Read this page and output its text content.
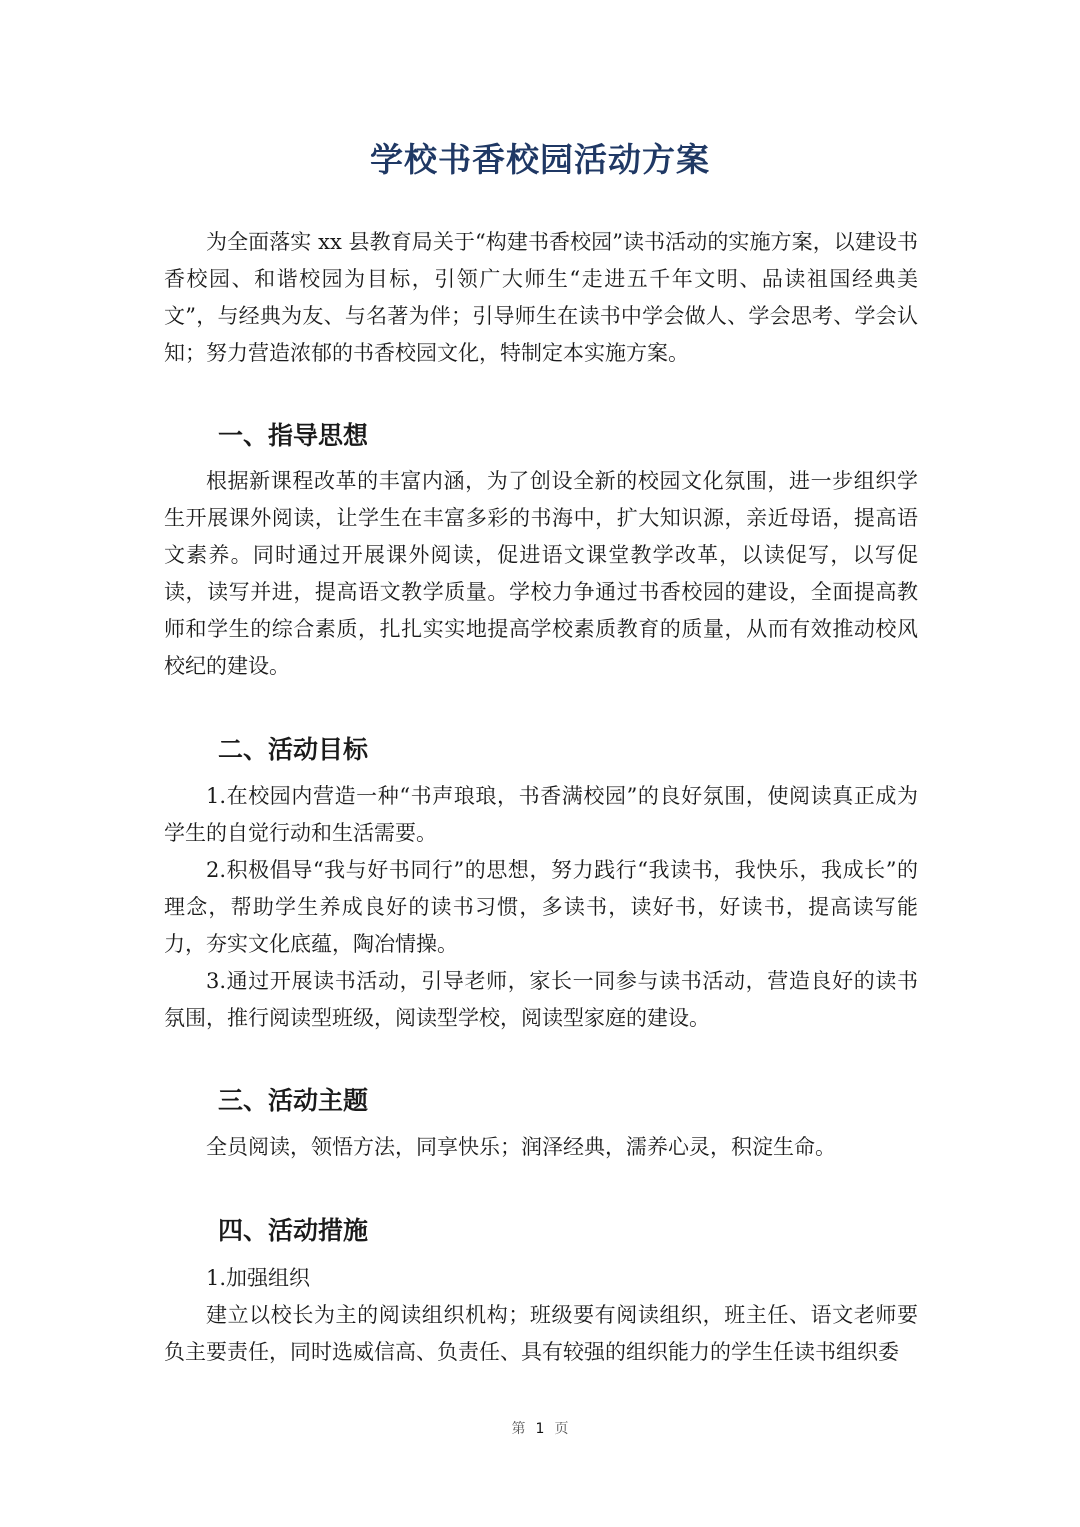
学校书香校园活动方案

为全面落实 xx 县教育局关于“构建书香校园”读书活动的实施方案，以建设书香校园、和谐校园为目标，引领广大师生“走进五千年文明、品读祖国经典美文”，与经典为友、与名著为伴；引导师生在读书中学会做人、学会思考、学会认知；努力营造浓郁的书香校园文化，特制定本实施方案。

一、指导思想

根据新课程改革的丰富内涵，为了创设全新的校园文化氛围，进一步组织学生开展课外阅读，让学生在丰富多彩的书海中，扩大知识源，亲近母语，提高语文素养。同时通过开展课外阅读，促进语文课堂教学改革，以读促写，以写促读，读写并进，提高语文教学质量。学校力争通过书香校园的建设，全面提高教师和学生的综合素质，扎扎实实地提高学校素质教育的质量，从而有效推动校风校纪的建设。

二、活动目标

1.在校园内营造一种“书声琅琅，书香满校园”的良好氛围，使阅读真正成为学生的自觉行动和生活需要。

2.积极倡导“我与好书同行”的思想，努力践行“我读书，我快乐，我成长”的理念，帮助学生养成良好的读书习惯，多读书，读好书，好读书，提高读写能力，夯实文化底蕴，陶冶情操。

3.通过开展读书活动，引导老师，家长一同参与读书活动，营造良好的读书氛围，推行阅读型班级，阅读型学校，阅读型家庭的建设。

三、活动主题

全员阅读，领悟方法，同享快乐；润泽经典，濡养心灵，积淀生命。

四、活动措施

1.加强组织

建立以校长为主的阅读组织机构；班级要有阅读组织，班主任、语文老师要负主要责任，同时选威信高、负责任、具有较强的组织能力的学生任读书组织委

第 1 页
